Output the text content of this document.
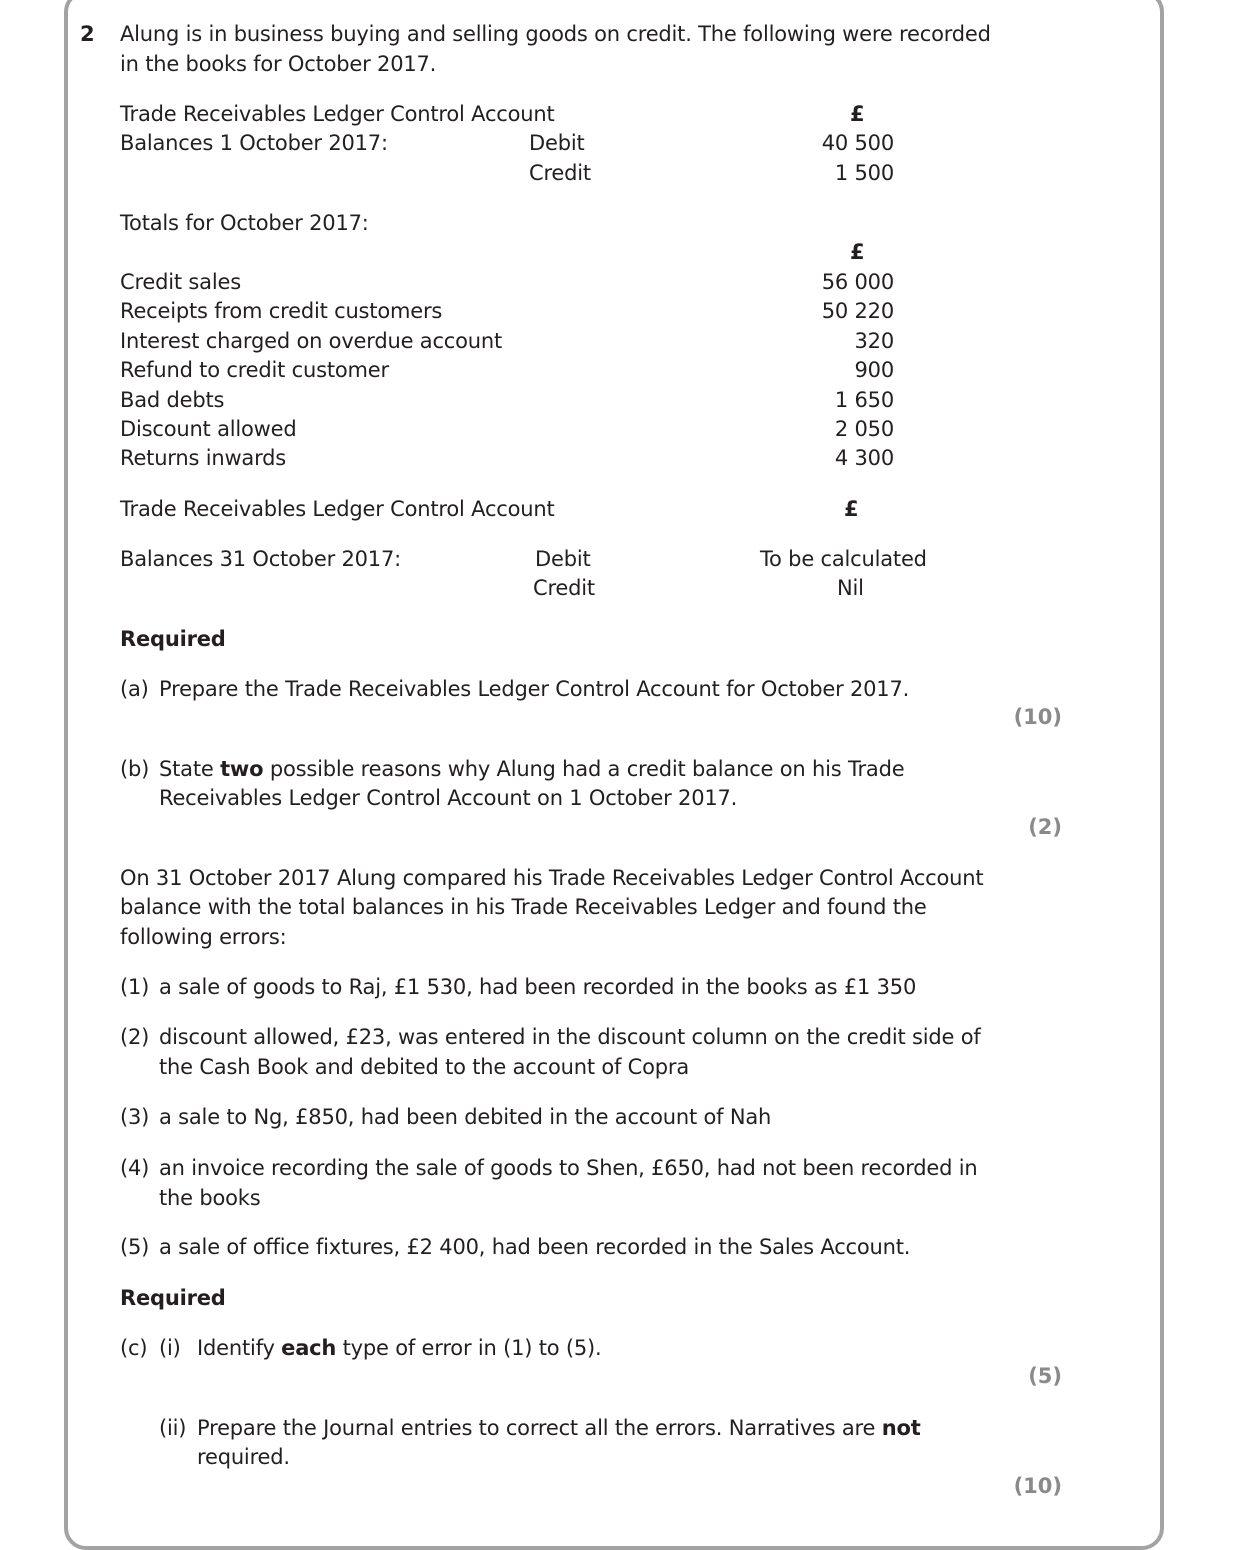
2 Alung is in business buying and selling goods on credit. The following were recorded
in the books for October 2017.
Trade Receivables Ledger Control Account	£
Balances 1 October 2017:	Debit	40 500
Credit	1 500
Totals for October 2017:
£
Credit sales	56 000
Receipts from credit customers	50 220
Interest charged on overdue account	320
Refund to credit customer	900
Bad debts	1 650
Discount allowed	2 050
Returns inwards	4 300
Trade Receivables Ledger Control Account	£
Balances 31 October 2017:	Debit	To be calculated
Credit	Nil
Required
(a) Prepare the Trade Receivables Ledger Control Account for October 2017.
(10)
(b) State two possible reasons why Alung had a credit balance on his Trade
Receivables Ledger Control Account on 1 October 2017.
(2)
On 31 October 2017 Alung compared his Trade Receivables Ledger Control Account
balance with the total balances in his Trade Receivables Ledger and found the
following errors:
(1) a sale of goods to Raj, £1 530, had been recorded in the books as £1 350
(2) discount allowed, £23, was entered in the discount column on the credit side of
the Cash Book and debited to the account of Copra
(3) a sale to Ng, £850, had been debited in the account of Nah
(4) an invoice recording the sale of goods to Shen, £650, had not been recorded in
the books
(5) a sale of office fixtures, £2 400, had been recorded in the Sales Account.
Required
(c) (i) Identify each type of error in (1) to (5).
(5)
(ii) Prepare the Journal entries to correct all the errors. Narratives are not
required.
(10)
